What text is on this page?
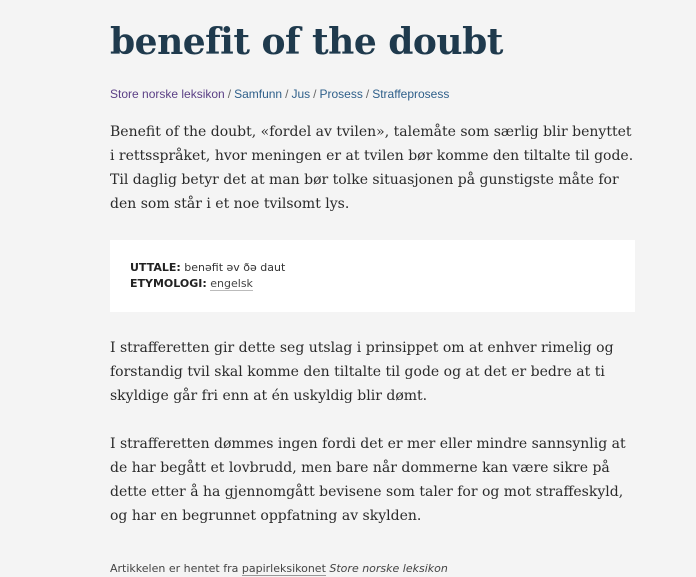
benefit of the doubt
Store norske leksikon / Samfunn / Jus / Prosess / Straffeprosess

Benefit of the doubt, «fordel av tvilen», talemåte som særlig blir benyttet i rettsspråket, hvor meningen er at tvilen bør komme den tiltalte til gode. Til daglig betyr det at man bør tolke situasjonen på gunstigste måte for den som står i et noe tvilsomt lys.

UTTALE: benəfit əv ðə daut
ETYMOLOGI: engelsk

I strafferetten gir dette seg utslag i prinsippet om at enhver rimelig og forstandig tvil skal komme den tiltalte til gode og at det er bedre at ti skyldige går fri enn at én uskyldig blir dømt.

I strafferetten dømmes ingen fordi det er mer eller mindre sannsynlig at de har begått et lovbrudd, men bare når dommerne kan være sikre på dette etter å ha gjennomgått bevisene som taler for og mot straffeskyld, og har en begrunnet oppfatning av skylden.

Artikkelen er hentet fra papirleksikonet Store norske leksikon
